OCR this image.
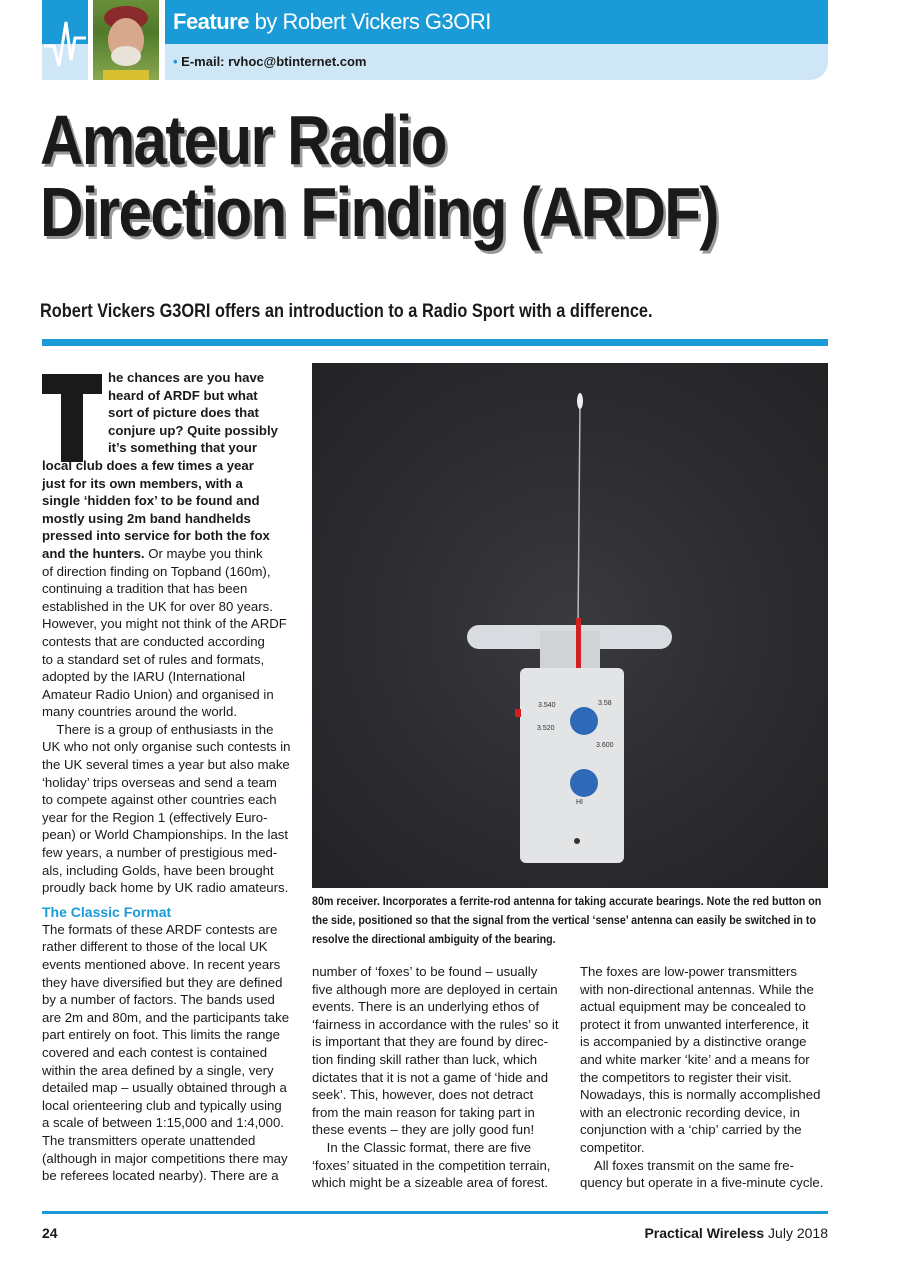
Feature by Robert Vickers G3ORI
• E-mail: rvhoc@btinternet.com
Amateur Radio
Direction Finding (ARDF)
Robert Vickers G3ORI offers an introduction to a Radio Sport with a difference.
he chances are you have
heard of ARDF but what
sort of picture does that
conjure up? Quite possibly
it’s something that your
local club does a few times a year
just for its own members, with a
single ‘hidden fox’ to be found and
mostly using 2m band handhelds
pressed into service for both the fox
and the hunters. Or maybe you think
of direction finding on Topband (160m),
continuing a tradition that has been
established in the UK for over 80 years.
However, you might not think of the ARDF
contests that are conducted according
to a standard set of rules and formats,
adopted by the IARU (International
Amateur Radio Union) and organised in
many countries around the world.
There is a group of enthusiasts in the
UK who not only organise such contests in
the UK several times a year but also make
‘holiday’ trips overseas and send a team
to compete against other countries each
year for the Region 1 (effectively Euro-
pean) or World Championships. In the last
few years, a number of prestigious med-
als, including Golds, have been brought
proudly back home by UK radio amateurs.
The Classic Format
The formats of these ARDF contests are
rather different to those of the local UK
events mentioned above. In recent years
they have diversified but they are defined
by a number of factors. The bands used
are 2m and 80m, and the participants take
part entirely on foot. This limits the range
covered and each contest is contained
within the area defined by a single, very
detailed map – usually obtained through a
local orienteering club and typically using
a scale of between 1:15,000 and 1:4,000.
The transmitters operate unattended
(although in major competitions there may
be referees located nearby). There are a
3.540	3.58
3.520
3.600
HI
80m receiver. Incorporates a ferrite-rod antenna for taking accurate bearings. Note the red button on
the side, positioned so that the signal from the vertical ‘sense’ antenna can easily be switched in to
resolve the directional ambiguity of the bearing.
number of ‘foxes’ to be found – usually
five although more are deployed in certain
events. There is an underlying ethos of
‘fairness in accordance with the rules’ so it
is important that they are found by direc-
tion finding skill rather than luck, which
dictates that it is not a game of ‘hide and
seek’. This, however, does not detract
from the main reason for taking part in
these events – they are jolly good fun!
In the Classic format, there are five
‘foxes’ situated in the competition terrain,
which might be a sizeable area of forest.
The foxes are low-power transmitters
with non-directional antennas. While the
actual equipment may be concealed to
protect it from unwanted interference, it
is accompanied by a distinctive orange
and white marker ‘kite’ and a means for
the competitors to register their visit.
Nowadays, this is normally accomplished
with an electronic recording device, in
conjunction with a ‘chip’ carried by the
competitor.
All foxes transmit on the same fre-
quency but operate in a five-minute cycle.
24	Practical Wireless July 2018
